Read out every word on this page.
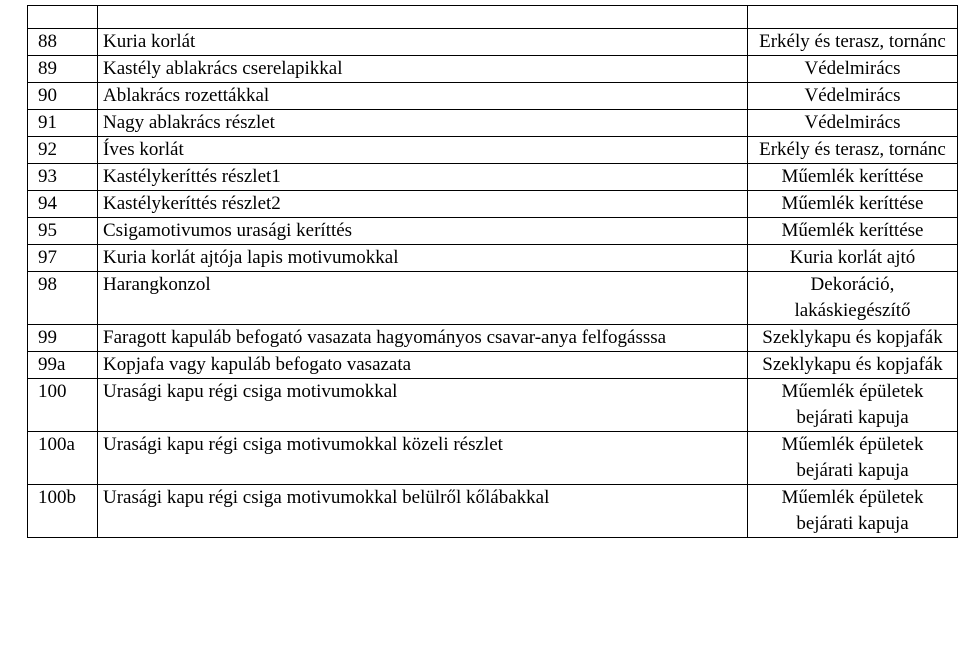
88	Kuria korlát	Erkély és terasz, tornánc
89	Kastély ablakrács cserelapikkal	Védelmirács
90	Ablakrács rozettákkal	Védelmirács
91	Nagy ablakrács részlet	Védelmirács
92	Íves korlát	Erkély és terasz, tornánc
93	Kastélykeríttés részlet1	Műemlék keríttése
94	Kastélykeríttés részlet2	Műemlék keríttése
95	Csigamotivumos urasági keríttés	Műemlék keríttése
97	Kuria korlát ajtója lapis motivumokkal	Kuria korlát ajtó
98	Harangkonzol	Dekoráció, lakáskiegészítő
99	Faragott kapuláb befogató vasazata hagyományos csavar-anya felfogásssa	Szeklykapu és kopjafák
99a	Kopjafa vagy kapuláb befogato vasazata	Szeklykapu és kopjafák
100	Urasági kapu régi csiga motivumokkal	Műemlék épületek bejárati kapuja
100a	Urasági kapu régi csiga motivumokkal közeli részlet	Műemlék épületek bejárati kapuja
100b	Urasági kapu régi csiga motivumokkal belülről kőlábakkal	Műemlék épületek bejárati kapuja
